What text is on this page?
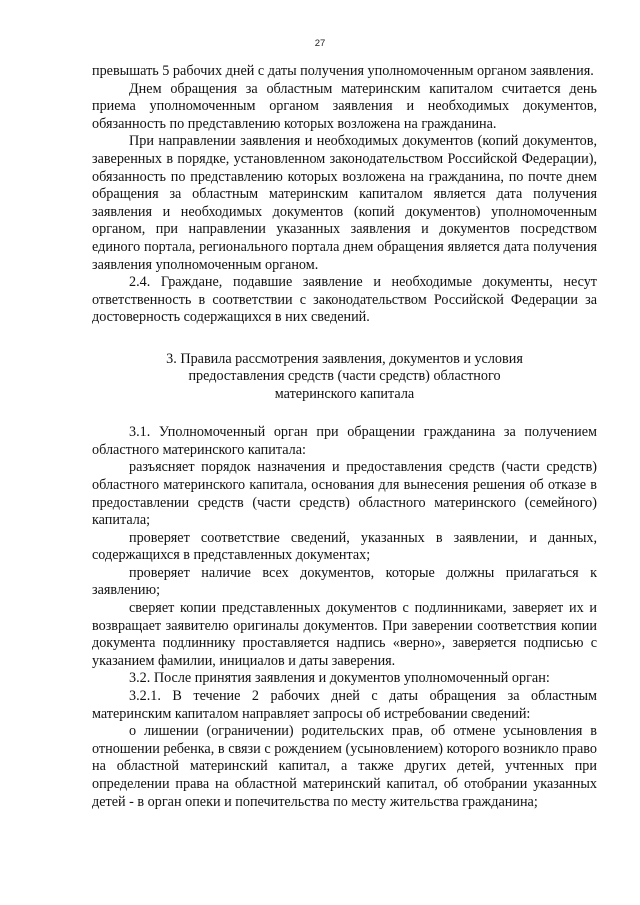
27

превышать 5 рабочих дней с даты получения уполномоченным органом заявления.

Днем обращения за областным материнским капиталом считается день приема уполномоченным органом заявления и необходимых документов, обязанность по представлению которых возложена на гражданина.

При направлении заявления и необходимых документов (копий документов, заверенных в порядке, установленном законодательством Российской Федерации), обязанность по представлению которых возложена на гражданина, по почте днем обращения за областным материнским капиталом является дата получения заявления и необходимых документов (копий документов) уполномоченным органом, при направлении указанных заявления и документов посредством единого портала, регионального портала днем обращения является дата получения заявления уполномоченным органом.

2.4. Граждане, подавшие заявление и необходимые документы, несут ответственность в соответствии с законодательством Российской Федерации за достоверность содержащихся в них сведений.

3. Правила рассмотрения заявления, документов и условия
предоставления средств (части средств) областного
материнского капитала

3.1. Уполномоченный орган при обращении гражданина за получением областного материнского капитала:

разъясняет порядок назначения и предоставления средств (части средств) областного материнского капитала, основания для вынесения решения об отказе в предоставлении средств (части средств) областного материнского (семейного) капитала;

проверяет соответствие сведений, указанных в заявлении, и данных, содержащихся в представленных документах;

проверяет наличие всех документов, которые должны прилагаться к заявлению;

сверяет копии представленных документов с подлинниками, заверяет их и возвращает заявителю оригиналы документов. При заверении соответствия копии документа подлиннику проставляется надпись «верно», заверяется подписью с указанием фамилии, инициалов и даты заверения.

3.2. После принятия заявления и документов уполномоченный орган:

3.2.1. В течение 2 рабочих дней с даты обращения за областным материнским капиталом направляет запросы об истребовании сведений:

о лишении (ограничении) родительских прав, об отмене усыновления в отношении ребенка, в связи с рождением (усыновлением) которого возникло право на областной материнский капитал, а также других детей, учтенных при определении права на областной материнский капитал, об отобрании указанных детей - в орган опеки и попечительства по месту жительства гражданина;
